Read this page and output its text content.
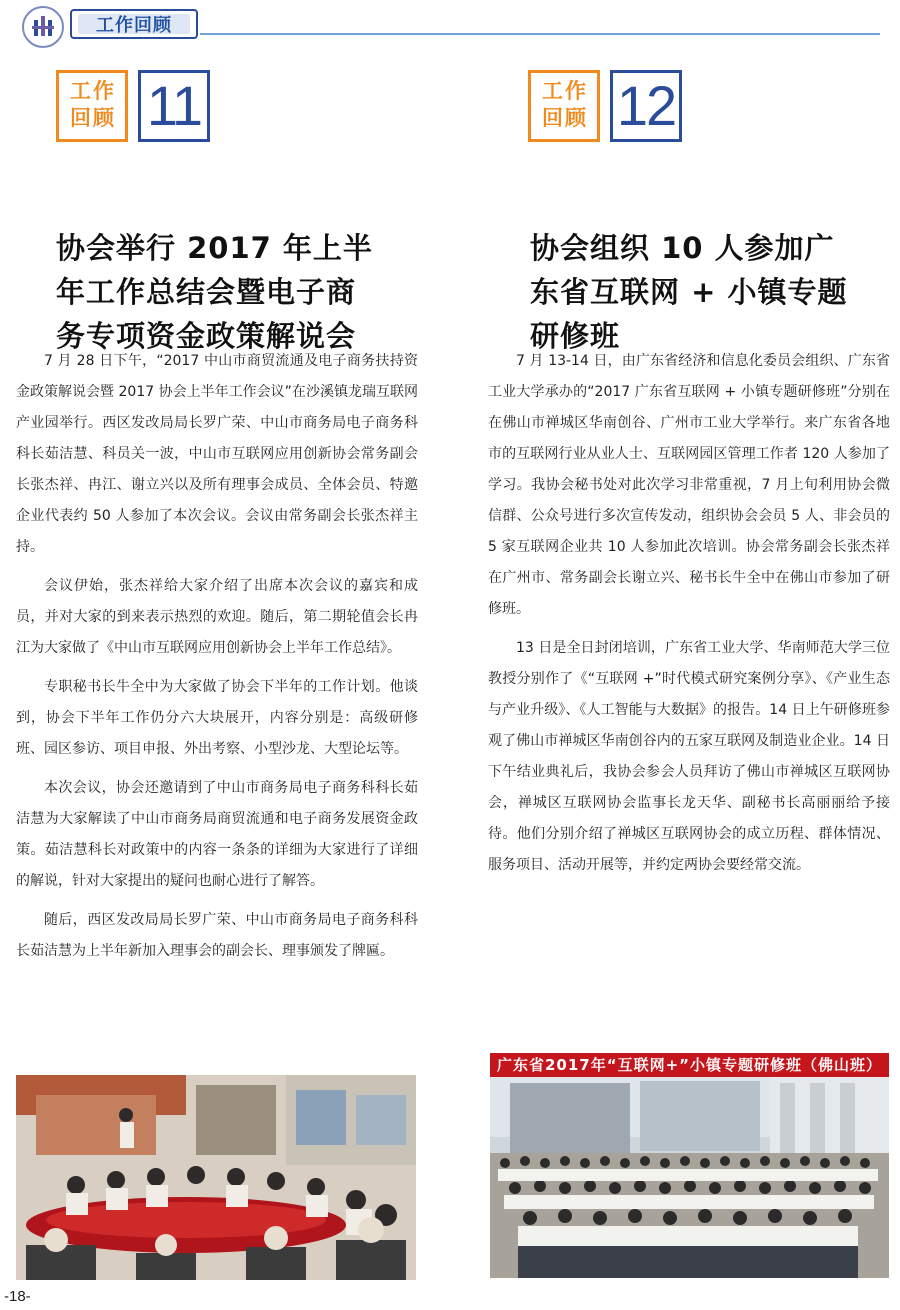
工作回顾
工作回顾 11	工作回顾 12
协会举行 2017 年上半
年工作总结会暨电子商
务专项资金政策解说会
协会组织 10 人参加广
东省互联网 + 小镇专题
研修班

7 月 28 日下午，“2017 中山市商贸流通及电子商务扶持资金政策解说会暨 2017 协会上半年工作会议”在沙溪镇龙瑞互联网产业园举行。西区发改局局长罗广荣、中山市商务局电子商务科科长茹洁慧、科员关一波，中山市互联网应用创新协会常务副会长张杰祥、冉江、谢立兴以及所有理事会成员、全体会员、特邀企业代表约 50 人参加了本次会议。会议由常务副会长张杰祥主持。

会议伊始，张杰祥给大家介绍了出席本次会议的嘉宾和成员，并对大家的到来表示热烈的欢迎。随后，第二期轮值会长冉江为大家做了《中山市互联网应用创新协会上半年工作总结》。

专职秘书长牛全中为大家做了协会下半年的工作计划。他谈到，协会下半年工作仍分六大块展开，内容分别是：高级研修班、园区参访、项目申报、外出考察、小型沙龙、大型论坛等。

本次会议，协会还邀请到了中山市商务局电子商务科科长茹洁慧为大家解读了中山市商务局商贸流通和电子商务发展资金政策。茹洁慧科长对政策中的内容一条条的详细为大家进行了详细的解说，针对大家提出的疑问也耐心进行了解答。

随后，西区发改局局长罗广荣、中山市商务局电子商务科科长茹洁慧为上半年新加入理事会的副会长、理事颁发了牌匾。

7 月 13-14 日，由广东省经济和信息化委员会组织、广东省工业大学承办的“2017 广东省互联网 + 小镇专题研修班”分别在在佛山市禅城区华南创谷、广州市工业大学举行。来广东省各地市的互联网行业从业人士、互联网园区管理工作者 120 人参加了学习。我协会秘书处对此次学习非常重视，7 月上旬利用协会微信群、公众号进行多次宣传发动，组织协会会员 5 人、非会员的 5 家互联网企业共 10 人参加此次培训。协会常务副会长张杰祥在广州市、常务副会长谢立兴、秘书长牛全中在佛山市参加了研修班。

13 日是全日封闭培训，广东省工业大学、华南师范大学三位教授分别作了《“互联网 +”时代模式研究案例分享》、《产业生态与产业升级》、《人工智能与大数据》的报告。14 日上午研修班参观了佛山市禅城区华南创谷内的五家互联网及制造业企业。14 日下午结业典礼后，我协会参会人员拜访了佛山市禅城区互联网协会，禅城区互联网协会监事长龙天华、副秘书长高丽丽给予接待。他们分别介绍了禅城区互联网协会的成立历程、群体情况、服务项目、活动开展等，并约定两协会要经常交流。

广东省2017年“互联网+”小镇专题研修班（佛山班）
-18-
